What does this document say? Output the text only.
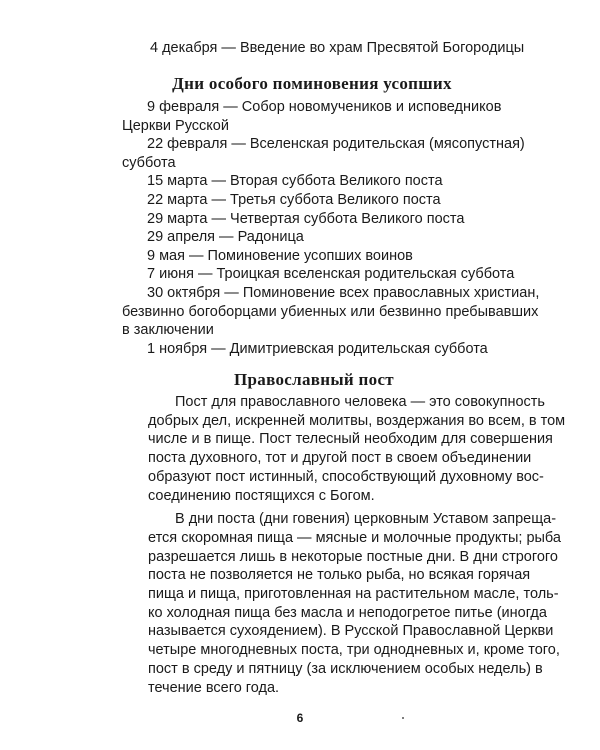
4 декабря — Введение во храм Пресвятой Богородицы
Дни особого поминовения усопших
9 февраля — Собор новомучеников и исповедников
Церкви Русской
22 февраля — Вселенская родительская (мясопустная)
суббота
15 марта — Вторая суббота Великого поста
22 марта — Третья суббота Великого поста
29 марта — Четвертая суббота Великого поста
29 апреля — Радоница
9 мая — Поминовение усопших воинов
7 июня — Троицкая вселенская родительская суббота
30 октября — Поминовение всех православных христиан,
безвинно богоборцами убиенных или безвинно пребывавших
в заключении
1 ноября — Димитриевская родительская суббота
Православный пост
Пост для православного человека — это совокупность
добрых дел, искренней молитвы, воздержания во всем, в том
числе и в пище. Пост телесный необходим для совершения
поста духовного, тот и другой пост в своем объединении
образуют пост истинный, способствующий духовному вос-
соединению постящихся с Богом.
В дни поста (дни говения) церковным Уставом запреща-
ется скоромная пища — мясные и молочные продукты; рыба
разрешается лишь в некоторые постные дни. В дни строгого
поста не позволяется не только рыба, но всякая горячая
пища и пища, приготовленная на растительном масле, толь-
ко холодная пища без масла и неподогретое питье (иногда
называется сухоядением). В Русской Православной Церкви
четыре многодневных поста, три однодневных и, кроме того,
пост в среду и пятницу (за исключением особых недель) в
течение всего года.
6
